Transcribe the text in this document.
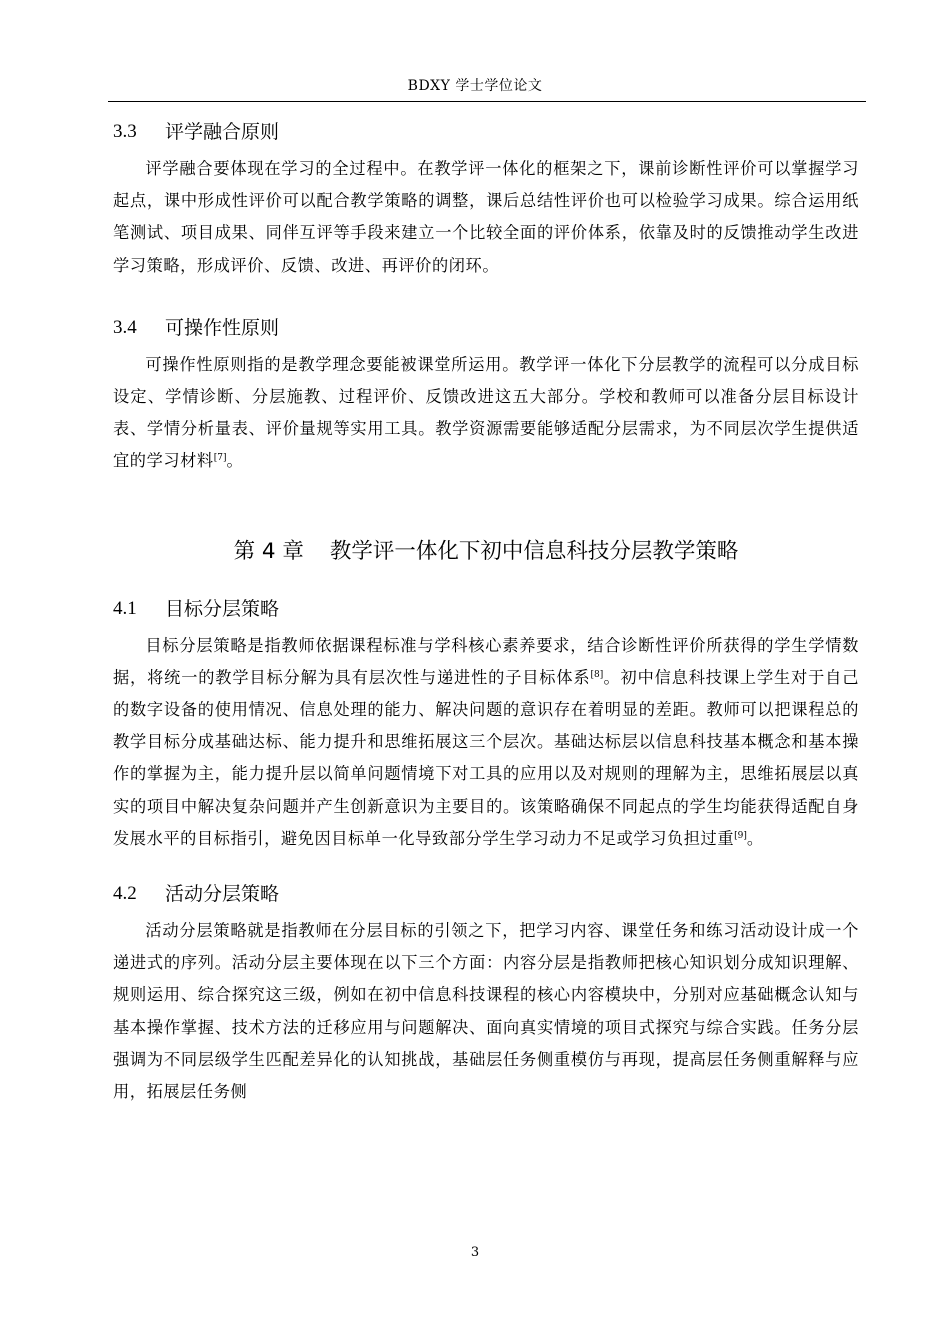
BDXY 学士学位论文
3.3	评学融合原则

评学融合要体现在学习的全过程中。在教学评一体化的框架之下，课前诊断性评价可以掌握学习起点，课中形成性评价可以配合教学策略的调整，课后总结性评价也可以检验学习成果。综合运用纸笔测试、项目成果、同伴互评等手段来建立一个比较全面的评价体系，依靠及时的反馈推动学生改进学习策略，形成评价、反馈、改进、再评价的闭环。

3.4	可操作性原则

可操作性原则指的是教学理念要能被课堂所运用。教学评一体化下分层教学的流程可以分成目标设定、学情诊断、分层施教、过程评价、反馈改进这五大部分。学校和教师可以准备分层目标设计表、学情分析量表、评价量规等实用工具。教学资源需要能够适配分层需求，为不同层次学生提供适宜的学习材料[7]。

第 4 章 教学评一体化下初中信息科技分层教学策略
4.1	目标分层策略

目标分层策略是指教师依据课程标准与学科核心素养要求，结合诊断性评价所获得的学生学情数据，将统一的教学目标分解为具有层次性与递进性的子目标体系[8]。初中信息科技课上学生对于自己的数字设备的使用情况、信息处理的能力、解决问题的意识存在着明显的差距。教师可以把课程总的教学目标分成基础达标、能力提升和思维拓展这三个层次。基础达标层以信息科技基本概念和基本操作的掌握为主，能力提升层以简单问题情境下对工具的应用以及对规则的理解为主，思维拓展层以真实的项目中解决复杂问题并产生创新意识为主要目的。该策略确保不同起点的学生均能获得适配自身发展水平的目标指引，避免因目标单一化导致部分学生学习动力不足或学习负担过重[9]。

4.2	活动分层策略

活动分层策略就是指教师在分层目标的引领之下，把学习内容、课堂任务和练习活动设计成一个递进式的序列。活动分层主要体现在以下三个方面：内容分层是指教师把核心知识划分成知识理解、规则运用、综合探究这三级，例如在初中信息科技课程的核心内容模块中，分别对应基础概念认知与基本操作掌握、技术方法的迁移应用与问题解决、面向真实情境的项目式探究与综合实践。任务分层强调为不同层级学生匹配差异化的认知挑战，基础层任务侧重模仿与再现，提高层任务侧重解释与应用，拓展层任务侧

3
